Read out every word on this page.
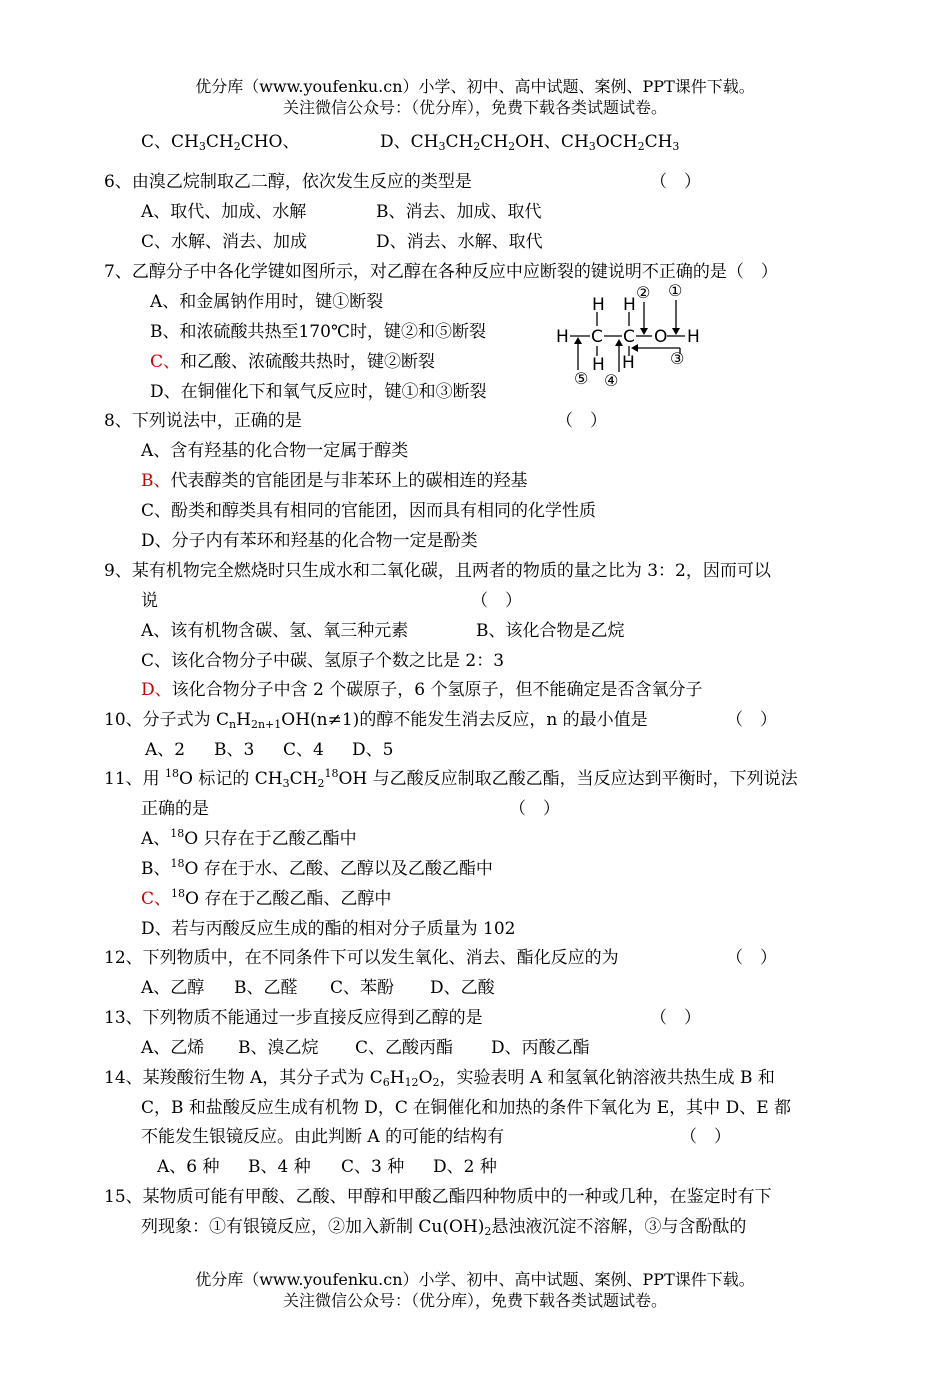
优分库（www.youfenku.cn）小学、初中、高中试题、案例、PPT课件下载。
关注微信公众号：（优分库），免费下载各类试题试卷。
C、$CH_3CH_2CHO$、	D、$CH_3CH_2CH_2OH$、$CH_3OCH_2CH_3$
6、由溴乙烷制取乙二醇，依次发生反应的类型是	（　）
A、取代、加成、水解	B、消去、加成、取代
C、水解、消去、加成	D、消去、水解、取代
7、乙醇分子中各化学键如图所示，对乙醇在各种反应中应断裂的键说明不正确的是（　）
A、和金属钠作用时，键①断裂
B、和浓硫酸共热至170℃时，键②和⑤断裂
C、和乙酸、浓硫酸共热时，键②断裂
D、在铜催化下和氧气反应时，键①和③断裂
H C C O H
H H
H H
①
②
③
④
⑤
8、下列说法中，正确的是	（　）
A、含有羟基的化合物一定属于醇类
B、代表醇类的官能团是与非苯环上的碳相连的羟基
C、酚类和醇类具有相同的官能团，因而具有相同的化学性质
D、分子内有苯环和羟基的化合物一定是酚类
9、某有机物完全燃烧时只生成水和二氧化碳，且两者的物质的量之比为 3：2，因而可以
说	（　）
A、该有机物含碳、氢、氧三种元素	B、该化合物是乙烷
C、该化合物分子中碳、氢原子个数之比是 2：3
D、该化合物分子中含 2 个碳原子，6 个氢原子，但不能确定是否含氧分子
10、分子式为 $C_nH_{2n+1}OH(n\ne 1)$的醇不能发生消去反应，n 的最小值是	（　）
A、2 B、3 C、4 D、5
11、用 $^{18}$O 标记的 $CH_3CH_2^{18}OH$ 与乙酸反应制取乙酸乙酯，当反应达到平衡时，下列说法
正确的是	（　）
A、$^{18}$O 只存在于乙酸乙酯中
B、$^{18}$O 存在于水、乙酸、乙醇以及乙酸乙酯中
C、$^{18}$O 存在于乙酸乙酯、乙醇中
D、若与丙酸反应生成的酯的相对分子质量为 102
12、下列物质中，在不同条件下可以发生氧化、消去、酯化反应的为	（　）
A、乙醇 B、乙醛 C、苯酚 D、乙酸
13、下列物质不能通过一步直接反应得到乙醇的是	（　）
A、乙烯 B、溴乙烷 C、乙酸丙酯 D、丙酸乙酯
14、某羧酸衍生物 A，其分子式为 $C_6H_{12}O_2$，实验表明 A 和氢氧化钠溶液共热生成 B 和
C，B 和盐酸反应生成有机物 D，C 在铜催化和加热的条件下氧化为 E，其中 D、E 都
不能发生银镜反应。由此判断 A 的可能的结构有	（　）
A、6 种 B、4 种 C、3 种 D、2 种
15、某物质可能有甲酸、乙酸、甲醇和甲酸乙酯四种物质中的一种或几种，在鉴定时有下
列现象：①有银镜反应，②加入新制 $Cu(OH)_2$悬浊液沉淀不溶解，③与含酚酞的
优分库（www.youfenku.cn）小学、初中、高中试题、案例、PPT课件下载。
关注微信公众号：（优分库），免费下载各类试题试卷。
